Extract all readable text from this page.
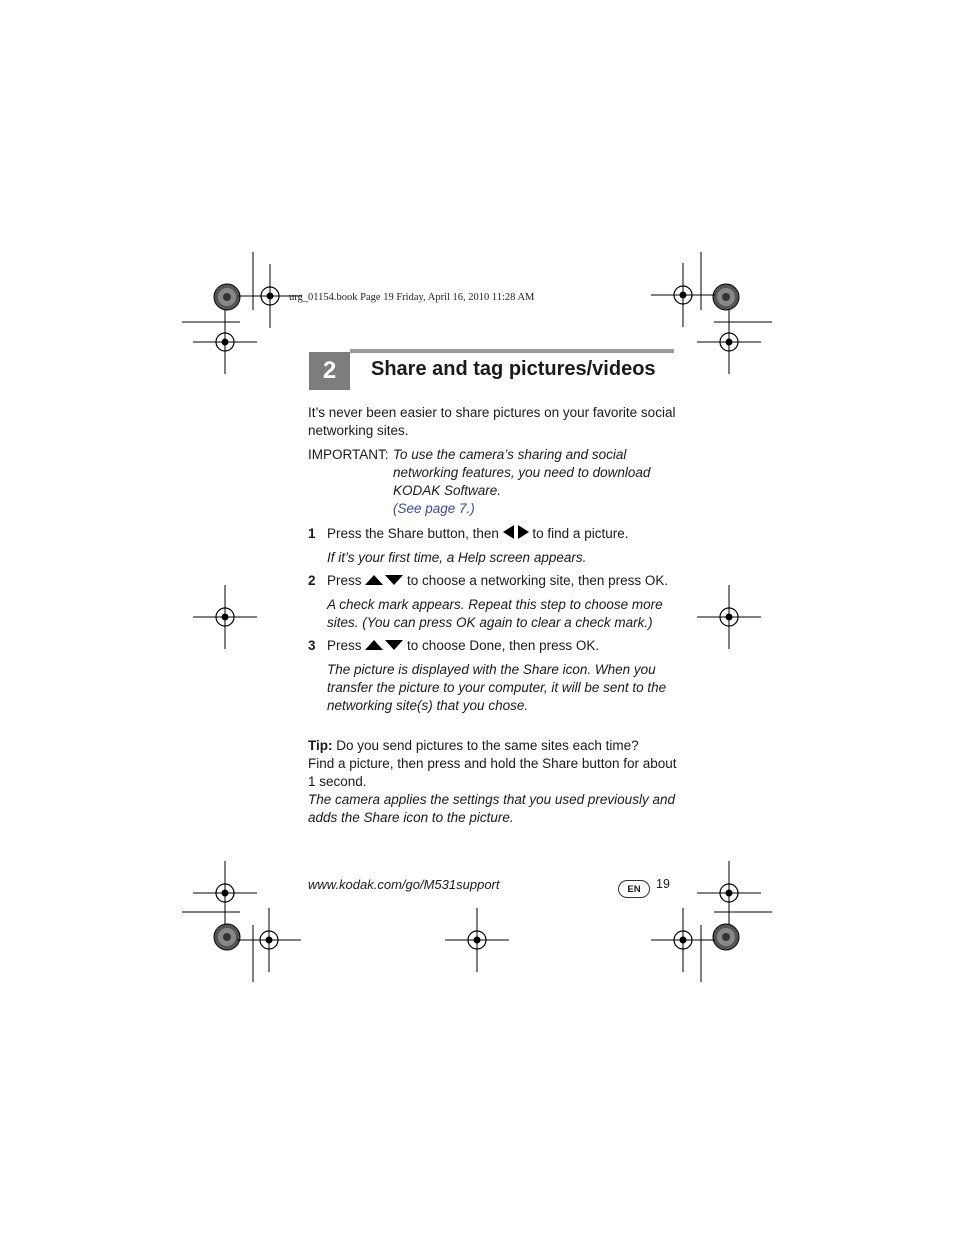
urg_01154.book Page 19 Friday, April 16, 2010 11:28 AM
2	Share and tag pictures/videos
It’s never been easier to share pictures on your favorite social networking sites.
IMPORTANT: To use the camera’s sharing and social networking features, you need to download KODAK Software.
(See page 7.)
1 Press the Share button, then to find a picture.
If it’s your first time, a Help screen appears.
2 Press	to choose a networking site, then press OK.
A check mark appears. Repeat this step to choose more sites. (You can press OK again to clear a check mark.)
3 Press	to choose Done, then press OK.
The picture is displayed with the Share icon. When you transfer the picture to your computer, it will be sent to the networking site(s) that you chose.
Tip: Do you send pictures to the same sites each time?
Find a picture, then press and hold the Share button for about 1 second.
The camera applies the settings that you used previously and adds the Share icon to the picture.
www.kodak.com/go/M531support	EN	19
